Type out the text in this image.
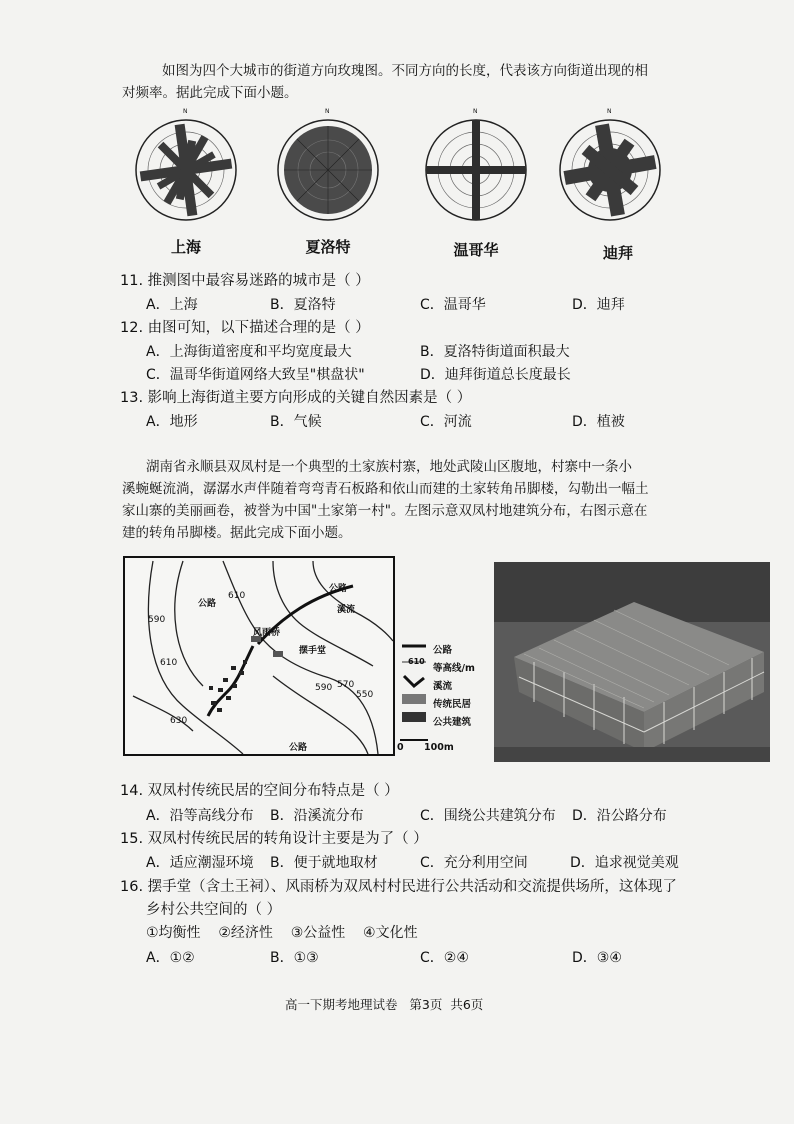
如图为四个大城市的街道方向玫瑰图。不同方向的长度，代表该方向街道出现的相
对频率。据此完成下面小题。
N	N	N	N
上海	夏洛特	温哥华	迪拜
11. 推测图中最容易迷路的城市是（ ）
A．上海	B．夏洛特	C．温哥华	D．迪拜
12. 由图可知，以下描述合理的是（ ）
A．上海街道密度和平均宽度最大	B．夏洛特街道面积最大
C．温哥华街道网络大致呈"棋盘状"	D．迪拜街道总长度最长
13. 影响上海街道主要方向形成的关键自然因素是（ ）
A．地形	B．气候	C．河流	D．植被
湖南省永顺县双凤村是一个典型的土家族村寨，地处武陵山区腹地，村寨中一条小
溪蜿蜒流淌，潺潺水声伴随着弯弯青石板路和依山而建的土家转角吊脚楼，勾勒出一幅土
家山寨的美丽画卷，被誉为中国"土家第一村"。左图示意双凤村地建筑分布，右图示意在
建的转角吊脚楼。据此完成下面小题。
公路
公路
公路
溪流
风雨桥
摆手堂
610
590
610
630
590 570
550
公路
610
等高线/m
溪流
传统民居
公共建筑
0 100m
14. 双凤村传统民居的空间分布特点是（ ）
A．沿等高线分布 B．沿溪流分布	C．围绕公共建筑分布 D．沿公路分布
15. 双凤村传统民居的转角设计主要是为了（ ）
A．适应潮湿环境 B．便于就地取材	C．充分利用空间	D．追求视觉美观
16. 摆手堂（含土王祠）、风雨桥为双凤村村民进行公共活动和交流提供场所，这体现了
乡村公共空间的（ ）
①均衡性    ②经济性    ③公益性    ④文化性
A．①②	B．①③	C．②④	D．③④
高一下期考地理试卷   第3页  共6页
